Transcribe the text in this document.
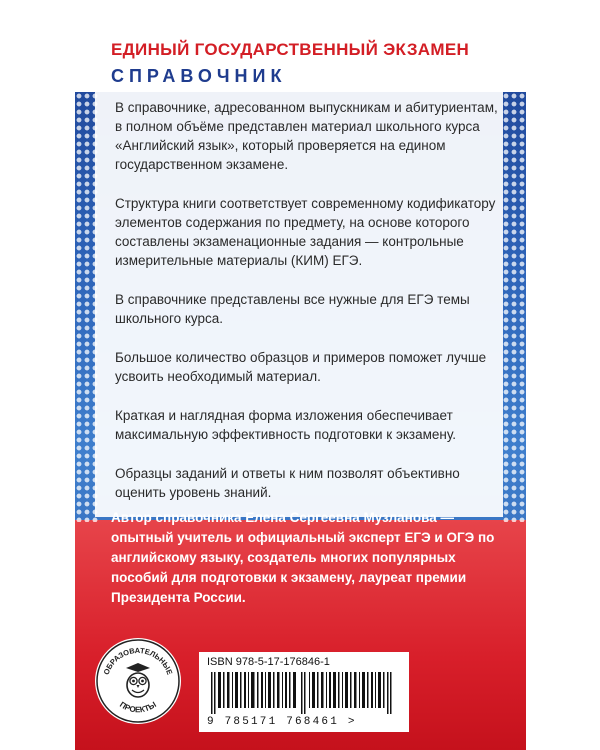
ЕДИНЫЙ ГОСУДАРСТВЕННЫЙ ЭКЗАМЕН
СПРАВОЧНИК

В справочнике, адресованном выпускникам и абитуриентам, в полном объёме представлен материал школьного курса «Английский язык», который проверяется на едином государственном экзамене.

Структура книги соответствует современному кодификатору элементов содержания по предмету, на основе которого составлены экзаменационные задания — контрольные измерительные материалы (КИМ) ЕГЭ.

В справочнике представлены все нужные для ЕГЭ темы школьного курса.

Большое количество образцов и примеров поможет лучше усвоить необходимый материал.

Краткая и наглядная форма изложения обеспечивает максимальную эффективность подготовки к экзамену.

Образцы заданий и ответы к ним позволят объективно оценить уровень знаний.

Автор справочника Елена Сергеевна Музланова — опытный учитель и официальный эксперт ЕГЭ и ОГЭ по английскому языку, создатель многих популярных пособий для подготовки к экзамену, лауреат премии Президента России.
ОБРАЗОВАТЕЛЬНЫЕ
ПРОЕКТЫ
ISBN 978-5-17-176846-1
9 785171 768461 >
